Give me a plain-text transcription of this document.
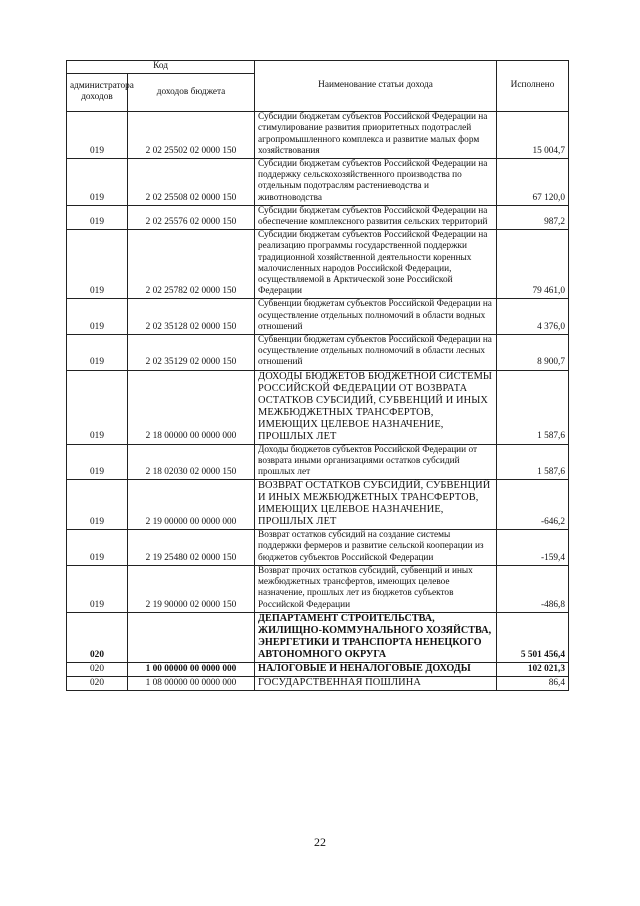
Код		Наименование статьи дохода	Исполнено
администратора доходов	доходов бюджета		
019	2 02 25502 02 0000 150	Субсидии бюджетам субъектов Российской Федерации на стимулирование развития приоритетных подотраслей агропромышленного комплекса и развитие малых форм хозяйствования	15 004,7
019	2 02 25508 02 0000 150	Субсидии бюджетам субъектов Российской Федерации на поддержку сельскохозяйственного производства по отдельным подотраслям растениеводства и животноводства	67 120,0
019	2 02 25576 02 0000 150	Субсидии бюджетам субъектов Российской Федерации на обеспечение комплексного развития сельских территорий	987,2
019	2 02 25782 02 0000 150	Субсидии бюджетам субъектов Российской Федерации на реализацию программы государственной поддержки традиционной хозяйственной деятельности коренных малочисленных народов Российской Федерации, осуществляемой в Арктической зоне Российской Федерации	79 461,0
019	2 02 35128 02 0000 150	Субвенции бюджетам субъектов Российской Федерации на осуществление отдельных полномочий в области водных отношений	4 376,0
019	2 02 35129 02 0000 150	Субвенции бюджетам субъектов Российской Федерации на осуществление отдельных полномочий в области лесных отношений	8 900,7
019	2 18 00000 00 0000 000	ДОХОДЫ БЮДЖЕТОВ БЮДЖЕТНОЙ СИСТЕМЫ РОССИЙСКОЙ ФЕДЕРАЦИИ ОТ ВОЗВРАТА ОСТАТКОВ СУБСИДИЙ, СУБВЕНЦИЙ И ИНЫХ МЕЖБЮДЖЕТНЫХ ТРАНСФЕРТОВ, ИМЕЮЩИХ ЦЕЛЕВОЕ НАЗНАЧЕНИЕ, ПРОШЛЫХ ЛЕТ	1 587,6
019	2 18 02030 02 0000 150	Доходы бюджетов субъектов Российской Федерации от возврата иными организациями остатков субсидий прошлых лет	1 587,6
019	2 19 00000 00 0000 000	ВОЗВРАТ ОСТАТКОВ СУБСИДИЙ, СУБВЕНЦИЙ И ИНЫХ МЕЖБЮДЖЕТНЫХ ТРАНСФЕРТОВ, ИМЕЮЩИХ ЦЕЛЕВОЕ НАЗНАЧЕНИЕ, ПРОШЛЫХ ЛЕТ	-646,2
019	2 19 25480 02 0000 150	Возврат остатков субсидий на создание системы поддержки фермеров и развитие сельской кооперации из бюджетов субъектов Российской Федерации	-159,4
019	2 19 90000 02 0000 150	Возврат прочих остатков субсидий, субвенций и иных межбюджетных трансфертов, имеющих целевое назначение, прошлых лет из бюджетов субъектов Российской Федерации	-486,8
020		ДЕПАРТАМЕНТ СТРОИТЕЛЬСТВА, ЖИЛИЩНО-КОММУНАЛЬНОГО ХОЗЯЙСТВА, ЭНЕРГЕТИКИ И ТРАНСПОРТА НЕНЕЦКОГО АВТОНОМНОГО ОКРУГА	5 501 456,4
020	1 00 00000 00 0000 000	НАЛОГОВЫЕ И НЕНАЛОГОВЫЕ ДОХОДЫ	102 021,3
020	1 08 00000 00 0000 000	ГОСУДАРСТВЕННАЯ ПОШЛИНА	86,4
22
